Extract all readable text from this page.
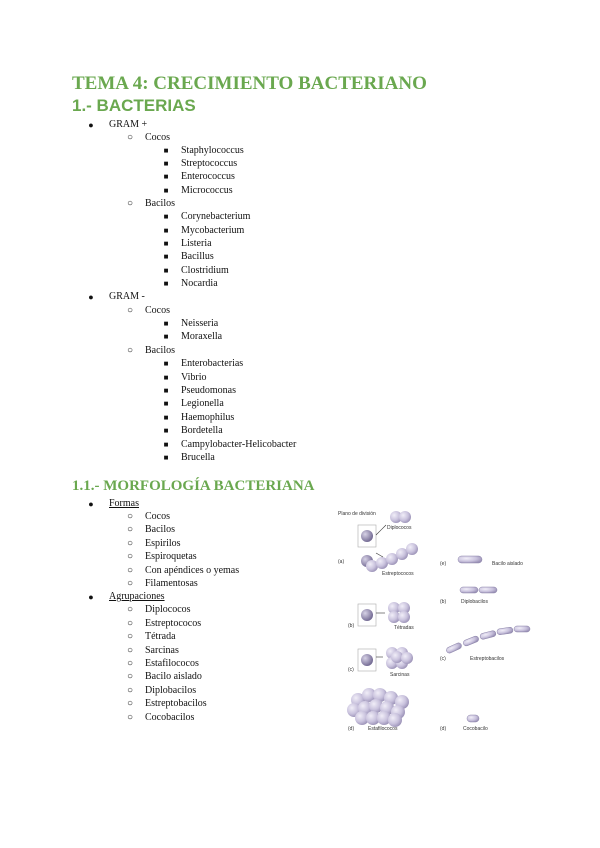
TEMA 4: CRECIMIENTO BACTERIANO
1.- BACTERIAS
● GRAM +
○ Cocos
■ Staphylococcus
■ Streptococcus
■ Enterococcus
■ Micrococcus
○ Bacilos
■ Corynebacterium
■ Mycobacterium
■ Listeria
■ Bacillus
■ Clostridium
■ Nocardia
● GRAM -
○ Cocos
■ Neisseria
■ Moraxella
○ Bacilos
■ Enterobacterias
■ Vibrio
■ Pseudomonas
■ Legionella
■ Haemophilus
■ Bordetella
■ Campylobacter-Helicobacter
■ Brucella
1.1.- MORFOLOGÍA BACTERIANA
● Formas
○ Cocos
○ Bacilos
○ Espirilos
○ Espiroquetas
○ Con apéndices o yemas
○ Filamentosas
● Agrupaciones
○ Diplococos
○ Estreptococos
○ Tétrada
○ Sarcinas
○ Estafilococos
○ Bacilo aislado
○ Diplobacilos
○ Estreptobacilos
○ Cocobacilos
Plano de división
Diplococos
(a)
Estreptococos
(b)	Tétradas
(c)
Sarcinas
(d)	Estafilococos
(e)	Bacilo aislado
(b)	Diplobacilos
(c)	Estreptobacilos
(d)	Cocobacilo
